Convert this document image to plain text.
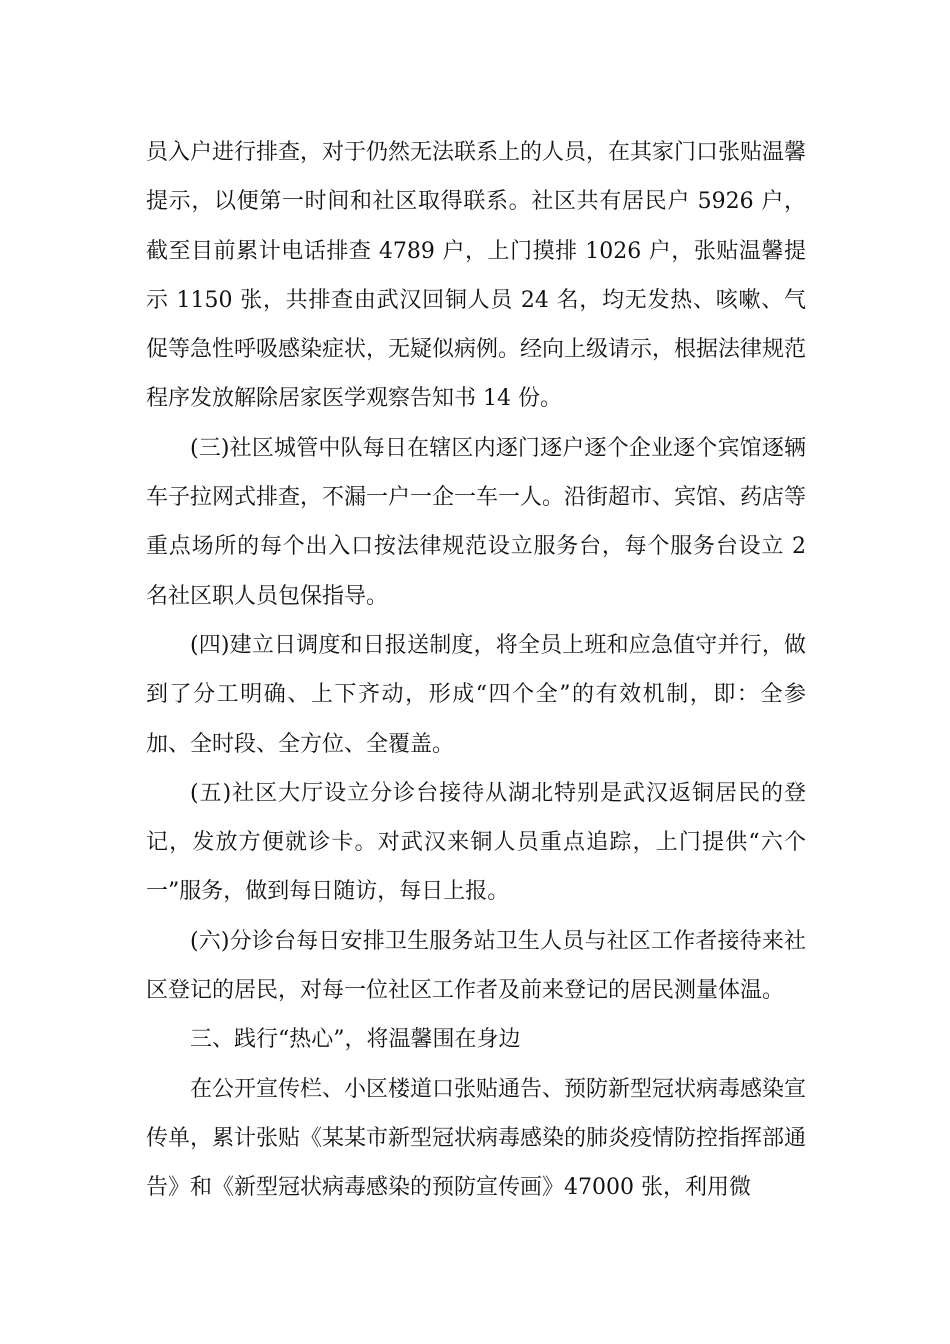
员入户进行排查，对于仍然无法联系上的人员，在其家门口张贴温馨提示，以便第一时间和社区取得联系。社区共有居民户 5926 户，截至目前累计电话排查 4789 户，上门摸排 1026 户，张贴温馨提示 1150 张，共排查由武汉回铜人员 24 名，均无发热、咳嗽、气促等急性呼吸感染症状，无疑似病例。经向上级请示，根据法律规范程序发放解除居家医学观察告知书 14 份。

(三)社区城管中队每日在辖区内逐门逐户逐个企业逐个宾馆逐辆车子拉网式排查，不漏一户一企一车一人。沿街超市、宾馆、药店等重点场所的每个出入口按法律规范设立服务台，每个服务台设立 2 名社区职人员包保指导。

(四)建立日调度和日报送制度，将全员上班和应急值守并行，做到了分工明确、上下齐动，形成“四个全”的有效机制，即：全参加、全时段、全方位、全覆盖。

(五)社区大厅设立分诊台接待从湖北特别是武汉返铜居民的登记，发放方便就诊卡。对武汉来铜人员重点追踪，上门提供“六个一”服务，做到每日随访，每日上报。

(六)分诊台每日安排卫生服务站卫生人员与社区工作者接待来社区登记的居民，对每一位社区工作者及前来登记的居民测量体温。

三、践行“热心”，将温馨围在身边

在公开宣传栏、小区楼道口张贴通告、预防新型冠状病毒感染宣传单，累计张贴《某某市新型冠状病毒感染的肺炎疫情防控指挥部通告》和《新型冠状病毒感染的预防宣传画》47000 张，利用微
